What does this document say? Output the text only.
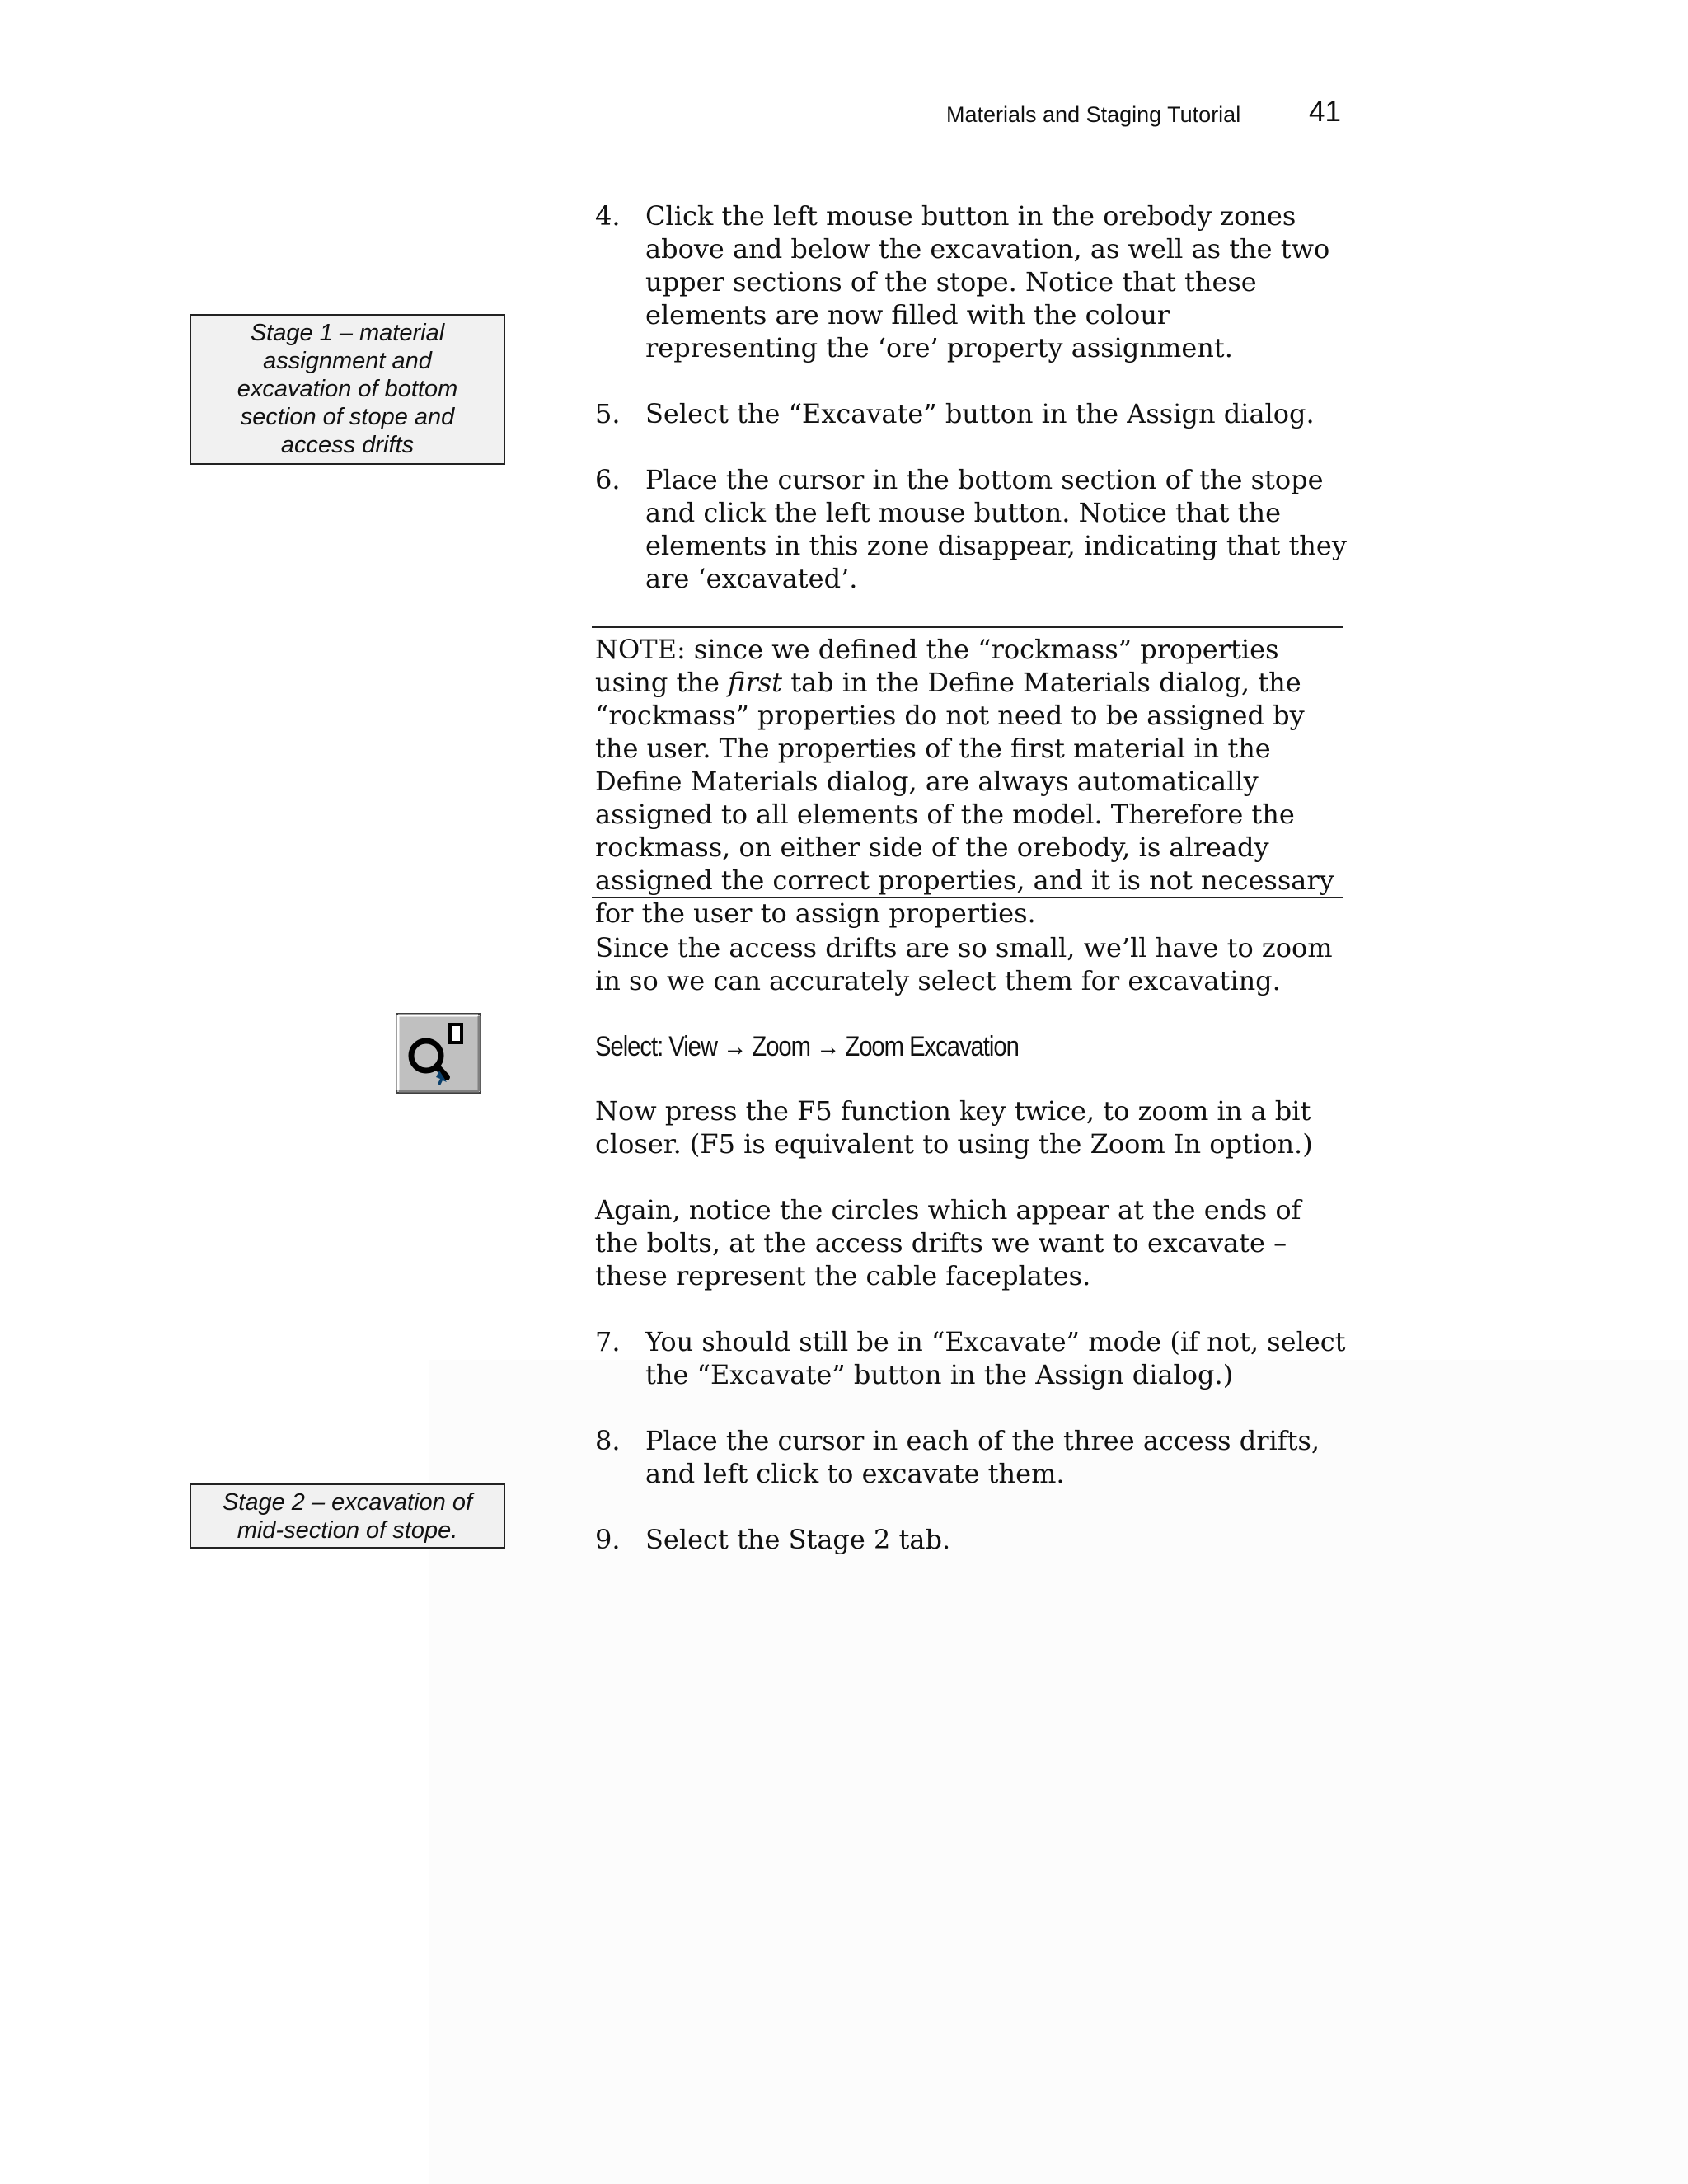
Materials and Staging Tutorial 41
Stage 1 – material assignment and excavation of bottom section of stope and access drifts
Stage 2 – excavation of mid-section of stope.
4. Click the left mouse button in the orebody zones above and below the excavation, as well as the two upper sections of the stope. Notice that these elements are now filled with the colour representing the ‘ore’ property assignment.
5. Select the “Excavate” button in the Assign dialog.
6. Place the cursor in the bottom section of the stope and click the left mouse button. Notice that the elements in this zone disappear, indicating that they are ‘excavated’.

NOTE: since we defined the “rockmass” properties using the first tab in the Define Materials dialog, the “rockmass” properties do not need to be assigned by the user. The properties of the first material in the Define Materials dialog, are always automatically assigned to all elements of the model. Therefore the rockmass, on either side of the orebody, is already assigned the correct properties, and it is not necessary for the user to assign properties.

Since the access drifts are so small, we’ll have to zoom in so we can accurately select them for excavating.

Select: View → Zoom → Zoom Excavation

Now press the F5 function key twice, to zoom in a bit closer. (F5 is equivalent to using the Zoom In option.)

Again, notice the circles which appear at the ends of the bolts, at the access drifts we want to excavate – these represent the cable faceplates.

7. You should still be in “Excavate” mode (if not, select the “Excavate” button in the Assign dialog.)
8. Place the cursor in each of the three access drifts, and left click to excavate them.
9. Select the Stage 2 tab.
